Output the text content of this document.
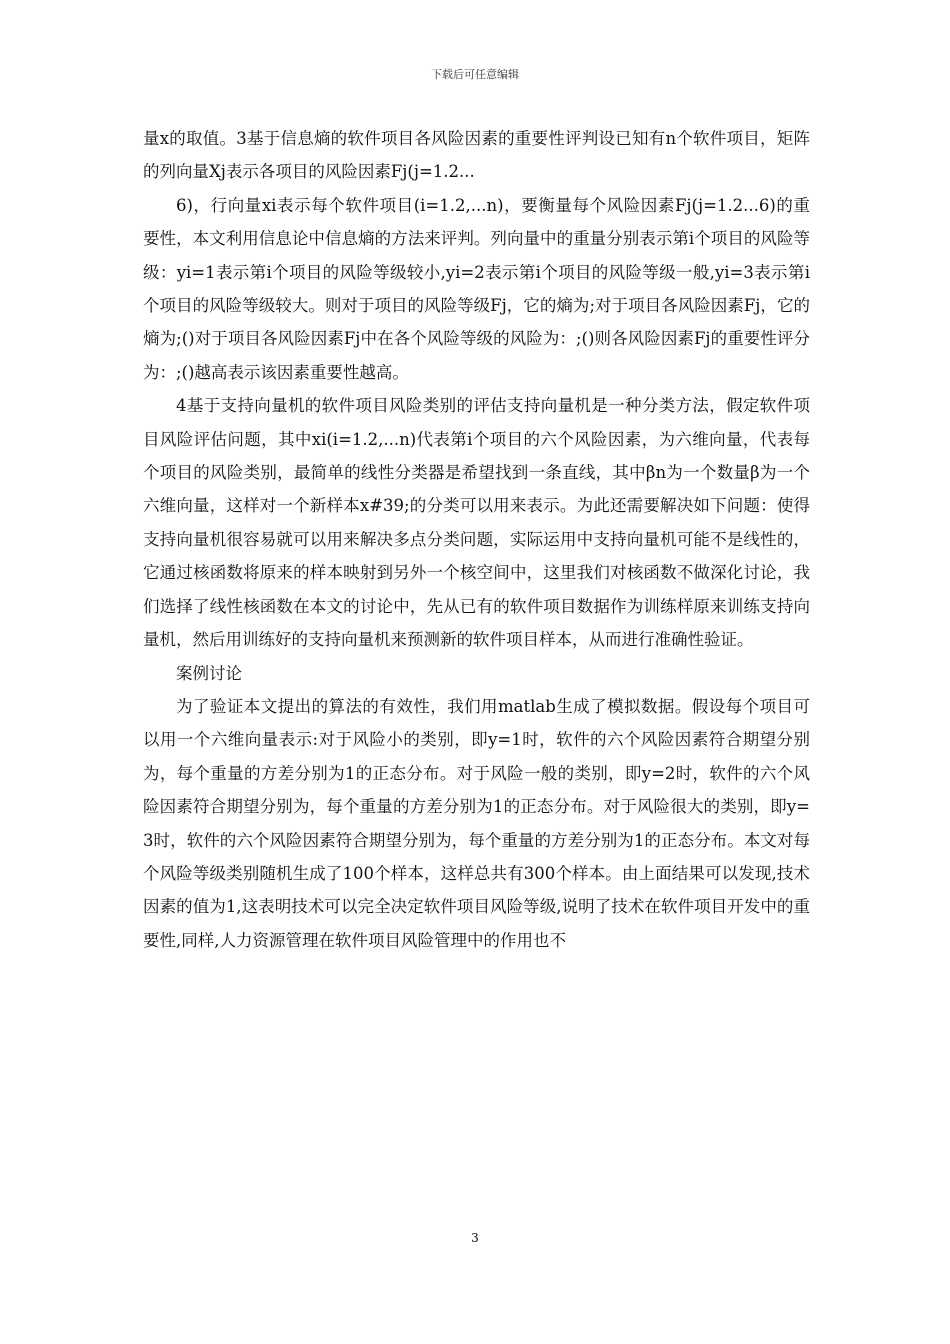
下载后可任意编辑

量x的取值。3基于信息熵的软件项目各风险因素的重要性评判设已知有n个软件项目，矩阵的列向量Xj表示各项目的风险因素Fj(j=1.2...

6)，行向量xi表示每个软件项目(i=1.2,...n)，要衡量每个风险因素Fj(j=1.2...6)的重要性，本文利用信息论中信息熵的方法来评判。列向量中的重量分别表示第i个项目的风险等级：yi=1表示第i个项目的风险等级较小,yi=2表示第i个项目的风险等级一般,yi=3表示第i个项目的风险等级较大。则对于项目的风险等级Fj，它的熵为;对于项目各风险因素Fj，它的熵为;()对于项目各风险因素Fj中在各个风险等级的风险为：;()则各风险因素Fj的重要性评分为：;()越高表示该因素重要性越高。

4基于支持向量机的软件项目风险类别的评估支持向量机是一种分类方法，假定软件项目风险评估问题，其中xi(i=1.2,...n)代表第i个项目的六个风险因素，为六维向量，代表每个项目的风险类别，最简单的线性分类器是希望找到一条直线，其中βn为一个数量β为一个六维向量，这样对一个新样本x#39;的分类可以用来表示。为此还需要解决如下问题：使得支持向量机很容易就可以用来解决多点分类问题，实际运用中支持向量机可能不是线性的，它通过核函数将原来的样本映射到另外一个核空间中，这里我们对核函数不做深化讨论，我们选择了线性核函数在本文的讨论中，先从已有的软件项目数据作为训练样原来训练支持向量机，然后用训练好的支持向量机来预测新的软件项目样本，从而进行准确性验证。

案例讨论

为了验证本文提出的算法的有效性，我们用matlab生成了模拟数据。假设每个项目可以用一个六维向量表示:对于风险小的类别，即y=1时，软件的六个风险因素符合期望分别为，每个重量的方差分别为1的正态分布。对于风险一般的类别，即y=2时，软件的六个风险因素符合期望分别为，每个重量的方差分别为1的正态分布。对于风险很大的类别，即y=3时，软件的六个风险因素符合期望分别为，每个重量的方差分别为1的正态分布。本文对每个风险等级类别随机生成了100个样本，这样总共有300个样本。由上面结果可以发现,技术因素的值为1,这表明技术可以完全决定软件项目风险等级,说明了技术在软件项目开发中的重要性,同样,人力资源管理在软件项目风险管理中的作用也不

3
